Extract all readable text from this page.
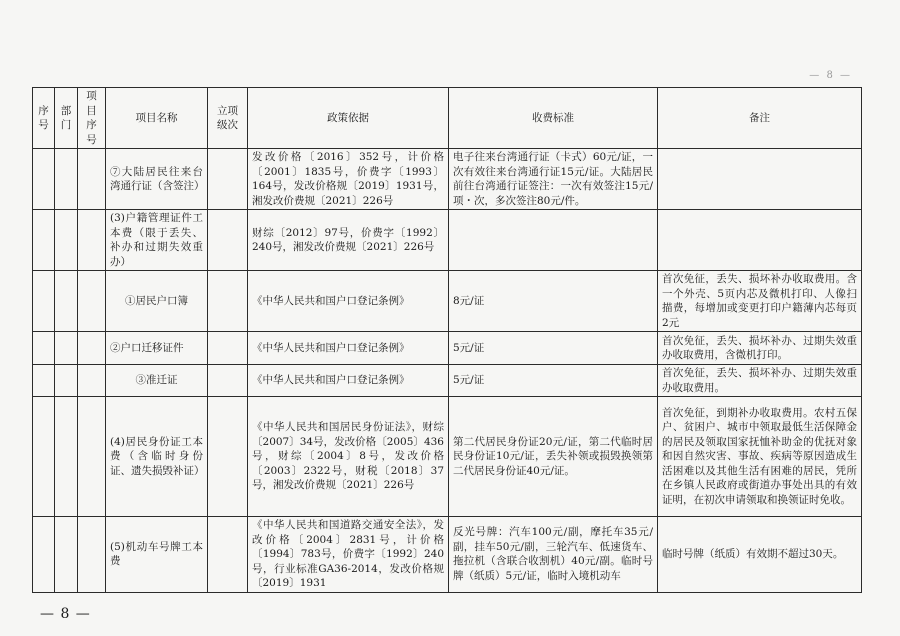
— 8 —
序号	部门	项目序号	项目名称	立项级次	政策依据	收费标准	备注
			⑦大陆居民往来台湾通行证（含签注）		发改价格〔2016〕352号，计价格〔2001〕1835号，价费字〔1993〕164号，发改价格规〔2019〕1931号，湘发改价费规〔2021〕226号	电子往来台湾通行证（卡式）60元/证，一次有效往来台湾通行证15元/证。大陆居民前往台湾通行证签注：一次有效签注15元/项・次，多次签注80元/件。	
			(3)户籍管理证件工本费（限于丢失、补办和过期失效重办）		财综〔2012〕97号，价费字〔1992〕240号，湘发改价费规〔2021〕226号		
			①居民户口簿		《中华人民共和国户口登记条例》	8元/证	首次免征，丢失、损坏补办收取费用。含一个外壳、5页内芯及微机打印、人像扫描费，每增加或变更打印户籍薄内芯每页2元
			②户口迁移证件		《中华人民共和国户口登记条例》	5元/证	首次免征，丢失、损坏补办、过期失效重办收取费用，含微机打印。
			③准迁证		《中华人民共和国户口登记条例》	5元/证	首次免征，丢失、损坏补办、过期失效重办收取费用。
			(4)居民身份证工本费（含临时身份证、遗失损毁补证）		《中华人民共和国居民身份证法》，财综〔2007〕34号，发改价格〔2005〕436号，财综〔2004〕8号，发改价格〔2003〕2322号，财税〔2018〕37号，湘发改价费规〔2021〕226号	第二代居民身份证20元/证，第二代临时居民身份证10元/证，丢失补领或损毁换领第二代居民身份证40元/证。	首次免征，到期补办收取费用。农村五保户、贫困户、城市中领取最低生活保障金的居民及领取国家抚恤补助金的优抚对象和因自然灾害、事故、疾病等原因造成生活困难以及其他生活有困难的居民，凭所在乡镇人民政府或街道办事处出具的有效证明，在初次申请领取和换领证时免收。
			(5)机动车号牌工本费		《中华人民共和国道路交通安全法》，发改价格〔2004〕2831号，计价格〔1994〕783号，价费字〔1992〕240号，行业标准GA36-2014，发改价格规〔2019〕1931	反光号牌：汽车100元/副，摩托车35元/副，挂车50元/副，三轮汽车、低速货车、拖拉机（含联合收割机）40元/副。临时号牌（纸质）5元/证，临时入境机动车	临时号牌（纸质）有效期不超过30天。
— 8 —
